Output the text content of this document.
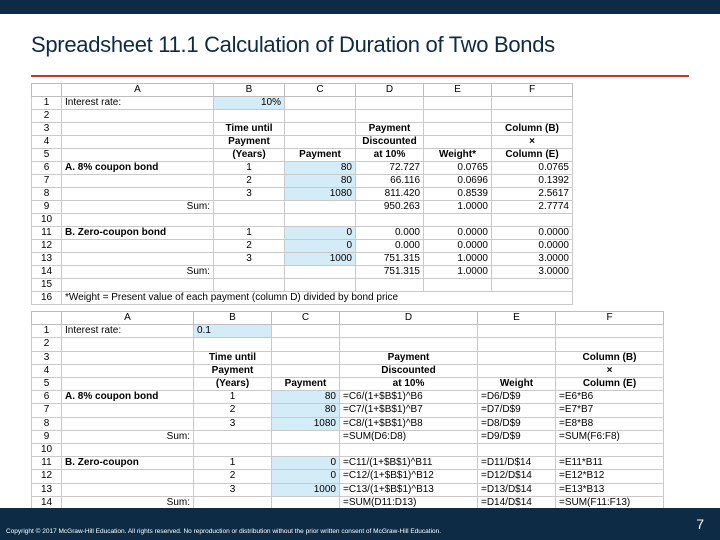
Spreadsheet 11.1 Calculation of Duration of Two Bonds
	A	B	C	D	E	F
1	Interest rate:	10%				
2						
3		Time until		Payment		Column (B)
4		Payment		Discounted		×
5		(Years)	Payment	at 10%	Weight*	Column (E)
6	A. 8% coupon bond	1	80	72.727	0.0765	0.0765
7		2	80	66.116	0.0696	0.1392
8		3	1080	811.420	0.8539	2.5617
9	Sum:			950.263	1.0000	2.7774
10						
11	B. Zero-coupon bond	1	0	0.000	0.0000	0.0000
12		2	0	0.000	0.0000	0.0000
13		3	1000	751.315	1.0000	3.0000
14	Sum:			751.315	1.0000	3.0000
15						
16	*Weight = Present value of each payment (column D) divided by bond price					
	A	B	C	D	E	F
1	Interest rate:	0.1				
2						
3		Time until		Payment		Column (B)
4		Payment		Discounted		×
5		(Years)	Payment	at 10%	Weight	Column (E)
6	A. 8% coupon bond	1	80	=C6/(1+$B$1)^B6	=D6/D$9	=E6*B6
7		2	80	=C7/(1+$B$1)^B7	=D7/D$9	=E7*B7
8		3	1080	=C8/(1+$B$1)^B8	=D8/D$9	=E8*B8
9	Sum:			=SUM(D6:D8)	=D9/D$9	=SUM(F6:F8)
10						
11	B. Zero-coupon	1	0	=C11/(1+$B$1)^B11	=D11/D$14	=E11*B11
12		2	0	=C12/(1+$B$1)^B12	=D12/D$14	=E12*B12
13		3	1000	=C13/(1+$B$1)^B13	=D13/D$14	=E13*B13
14	Sum:			=SUM(D11:D13)	=D14/D$14	=SUM(F11:F13)
Copyright © 2017 McGraw-Hill Education. All rights reserved. No reproduction or distribution without the prior written consent of McGraw-Hill Education.	7
